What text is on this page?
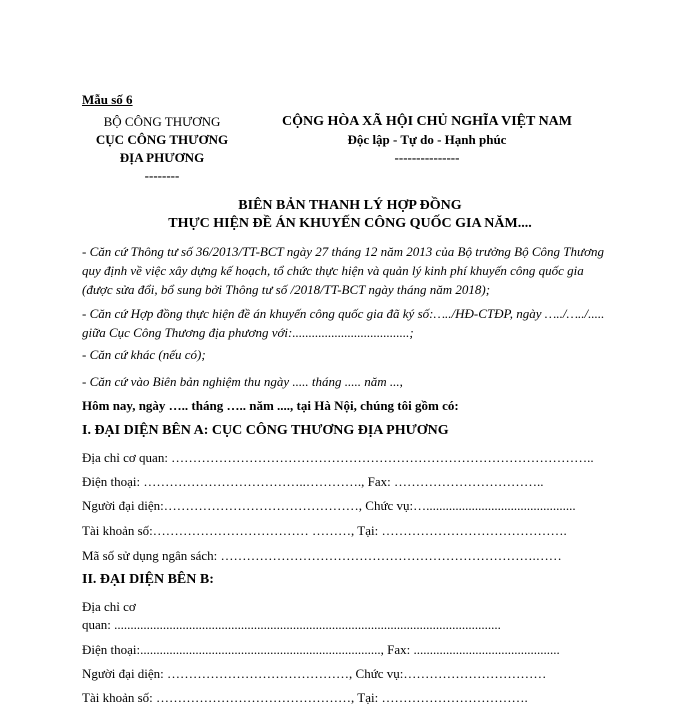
Mẫu số 6
BỘ CÔNG THƯƠNG
CỤC CÔNG THƯƠNG
ĐỊA PHƯƠNG
--------
CỘNG HÒA XÃ HỘI CHỦ NGHĨA VIỆT NAM
Độc lập - Tự do - Hạnh phúc
---------------
BIÊN BẢN THANH LÝ HỢP ĐỒNG
THỰC HIỆN ĐỀ ÁN KHUYẾN CÔNG QUỐC GIA NĂM....
- Căn cứ Thông tư số 36/2013/TT-BCT ngày 27 tháng 12 năm 2013 của Bộ trưởng Bộ Công Thương quy định về việc xây dựng kế hoạch, tổ chức thực hiện và quản lý kinh phí khuyến công quốc gia (được sửa đổi, bổ sung bởi Thông tư số /2018/TT-BCT ngày tháng năm 2018);
- Căn cứ Hợp đồng thực hiện đề án khuyến công quốc gia đã ký số:…../HĐ-CTĐP, ngày …../…../..... giữa Cục Công Thương địa phương với:....................................;
- Căn cứ khác (nếu có);
- Căn cứ vào Biên bản nghiệm thu ngày ..... tháng ..... năm ...,
Hôm nay, ngày ….. tháng ….. năm ...., tại Hà Nội, chúng tôi gồm có:
I. ĐẠI DIỆN BÊN A: CỤC CÔNG THƯƠNG ĐỊA PHƯƠNG
Địa chỉ cơ quan: ……………………………………………………………………………………..
Điện thoại: ………………………………..…………., Fax: ……………………………..
Người đại diện:………………………………………, Chức vụ:…..............................................
Tài khoản số:……………………………… ………, Tại: …………………………………….
Mã số sử dụng ngân sách: ……………………………………………………………….……
II. ĐẠI DIỆN BÊN B:
Địa chỉ cơ
quan: .......................................................................................................................
Điện thoại:.........................................................................., Fax: .............................................
Người đại diện: ……………………………………, Chức vụ:……………………………
Tài khoản số: ………………………………………, Tại: …………………………….
